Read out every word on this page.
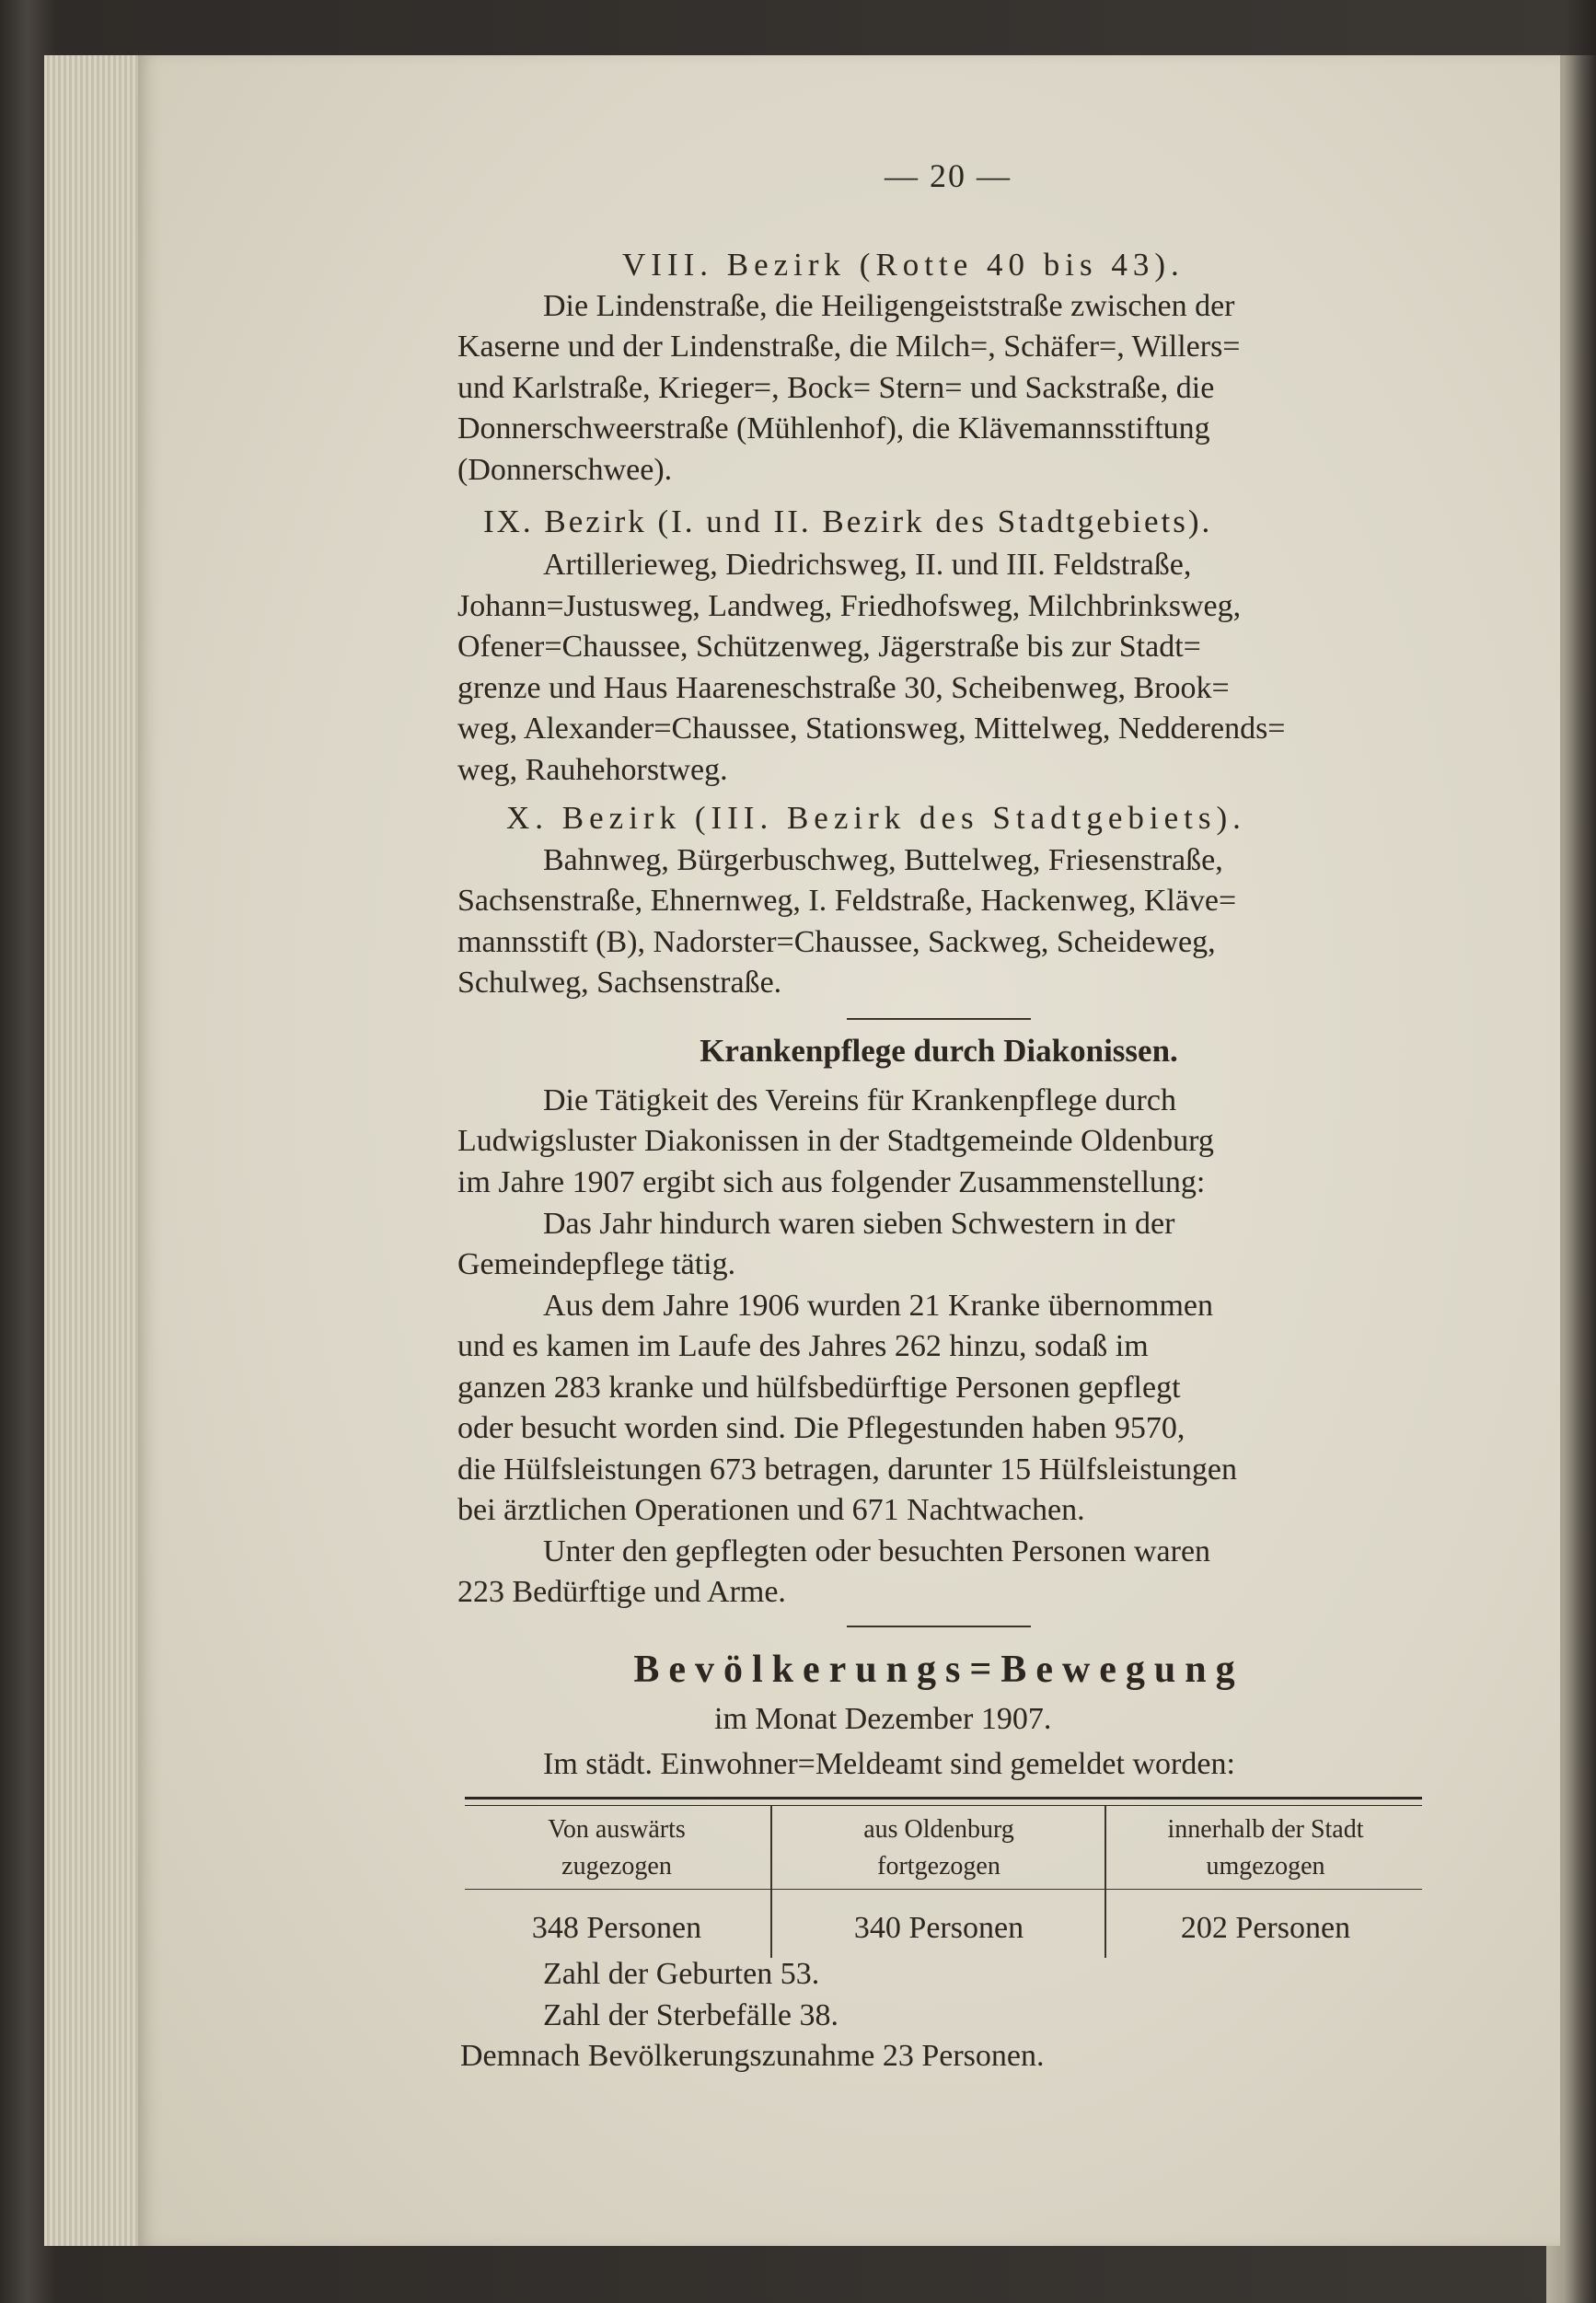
— 20 —
VIII. Bezirk (Rotte 40 bis 43).
Die Lindenstraße, die Heiligengeiststraße zwischen der
Kaserne und der Lindenstraße, die Milch=, Schäfer=, Willers=
und Karlstraße, Krieger=, Bock= Stern= und Sackstraße, die
Donnerschweerstraße (Mühlenhof), die Klävemannsstiftung
(Donnerschwee).
IX. Bezirk (I. und II. Bezirk des Stadtgebiets).
Artillerieweg, Diedrichsweg, II. und III. Feldstraße,
Johann=Justusweg, Landweg, Friedhofsweg, Milchbrinksweg,
Ofener=Chaussee, Schützenweg, Jägerstraße bis zur Stadt=
grenze und Haus Haareneschstraße 30, Scheibenweg, Brook=
weg, Alexander=Chaussee, Stationsweg, Mittelweg, Nedderends=
weg, Rauhehorstweg.
X. Bezirk (III. Bezirk des Stadtgebiets).
Bahnweg, Bürgerbuschweg, Buttelweg, Friesenstraße,
Sachsenstraße, Ehnernweg, I. Feldstraße, Hackenweg, Kläve=
mannsstift (B), Nadorster=Chaussee, Sackweg, Scheideweg,
Schulweg, Sachsenstraße.
Krankenpflege durch Diakonissen.
Die Tätigkeit des Vereins für Krankenpflege durch
Ludwigsluster Diakonissen in der Stadtgemeinde Oldenburg
im Jahre 1907 ergibt sich aus folgender Zusammenstellung:
Das Jahr hindurch waren sieben Schwestern in der
Gemeindepflege tätig.
Aus dem Jahre 1906 wurden 21 Kranke übernommen
und es kamen im Laufe des Jahres 262 hinzu, sodaß im
ganzen 283 kranke und hülfsbedürftige Personen gepflegt
oder besucht worden sind. Die Pflegestunden haben 9570,
die Hülfsleistungen 673 betragen, darunter 15 Hülfsleistungen
bei ärztlichen Operationen und 671 Nachtwachen.
Unter den gepflegten oder besuchten Personen waren
223 Bedürftige und Arme.
Bevölkerungs=Bewegung
im Monat Dezember 1907.
Im städt. Einwohner=Meldeamt sind gemeldet worden:
Von auswärts
zugezogen
aus Oldenburg
fortgezogen
innerhalb der Stadt
umgezogen
348 Personen	340 Personen	202 Personen
Zahl der Geburten 53.
Zahl der Sterbefälle 38.
Demnach Bevölkerungszunahme 23 Personen.
